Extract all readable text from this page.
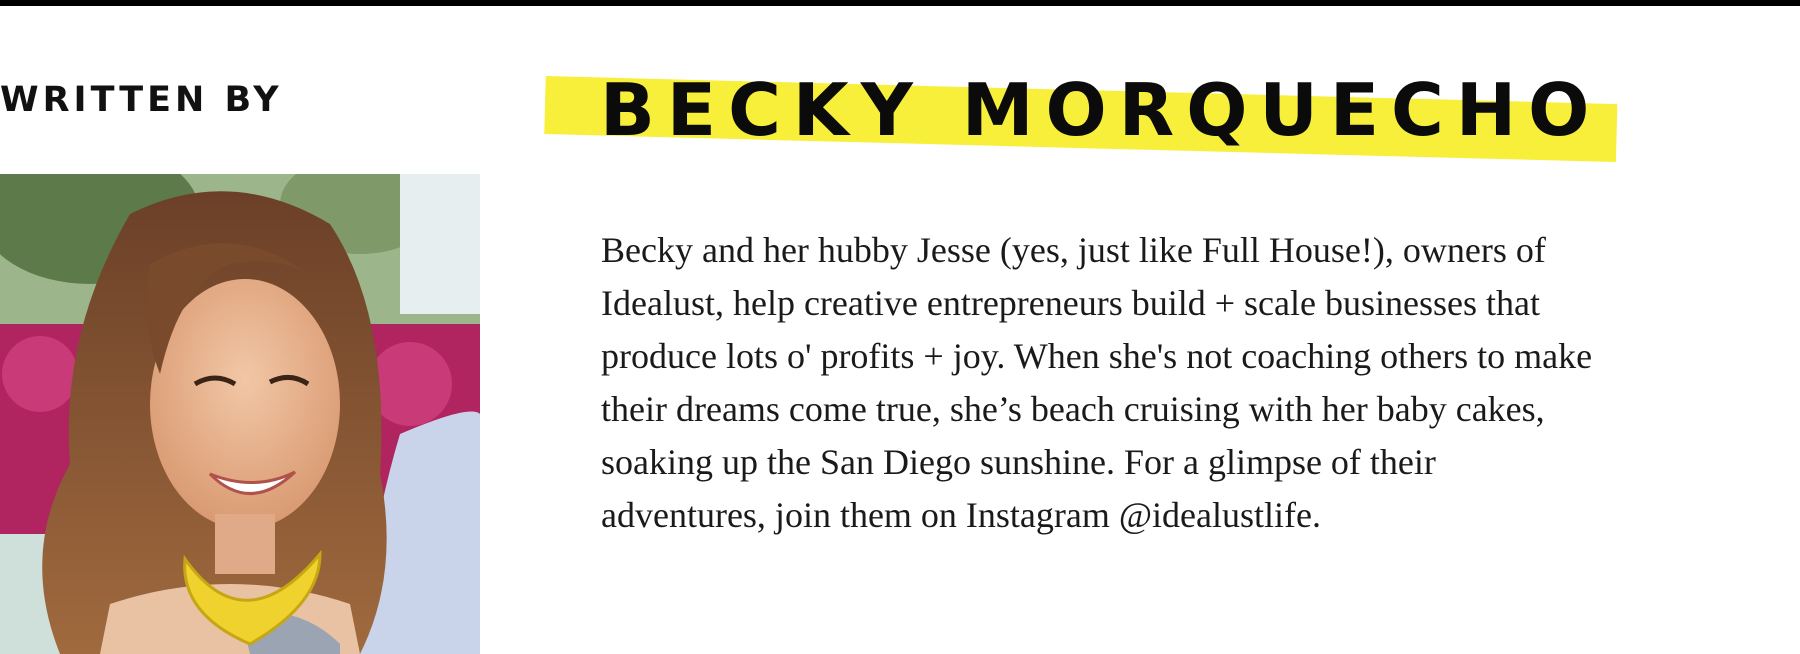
WRITTEN BY	BECKY MORQUECHO

Becky and her hubby Jesse (yes, just like Full House!), owners of
Idealust, help creative entrepreneurs build + scale businesses that
produce lots o' profits + joy. When she's not coaching others to make
their dreams come true, she’s beach cruising with her baby cakes,
soaking up the San Diego sunshine. For a glimpse of their
adventures, join them on Instagram @idealustlife.
